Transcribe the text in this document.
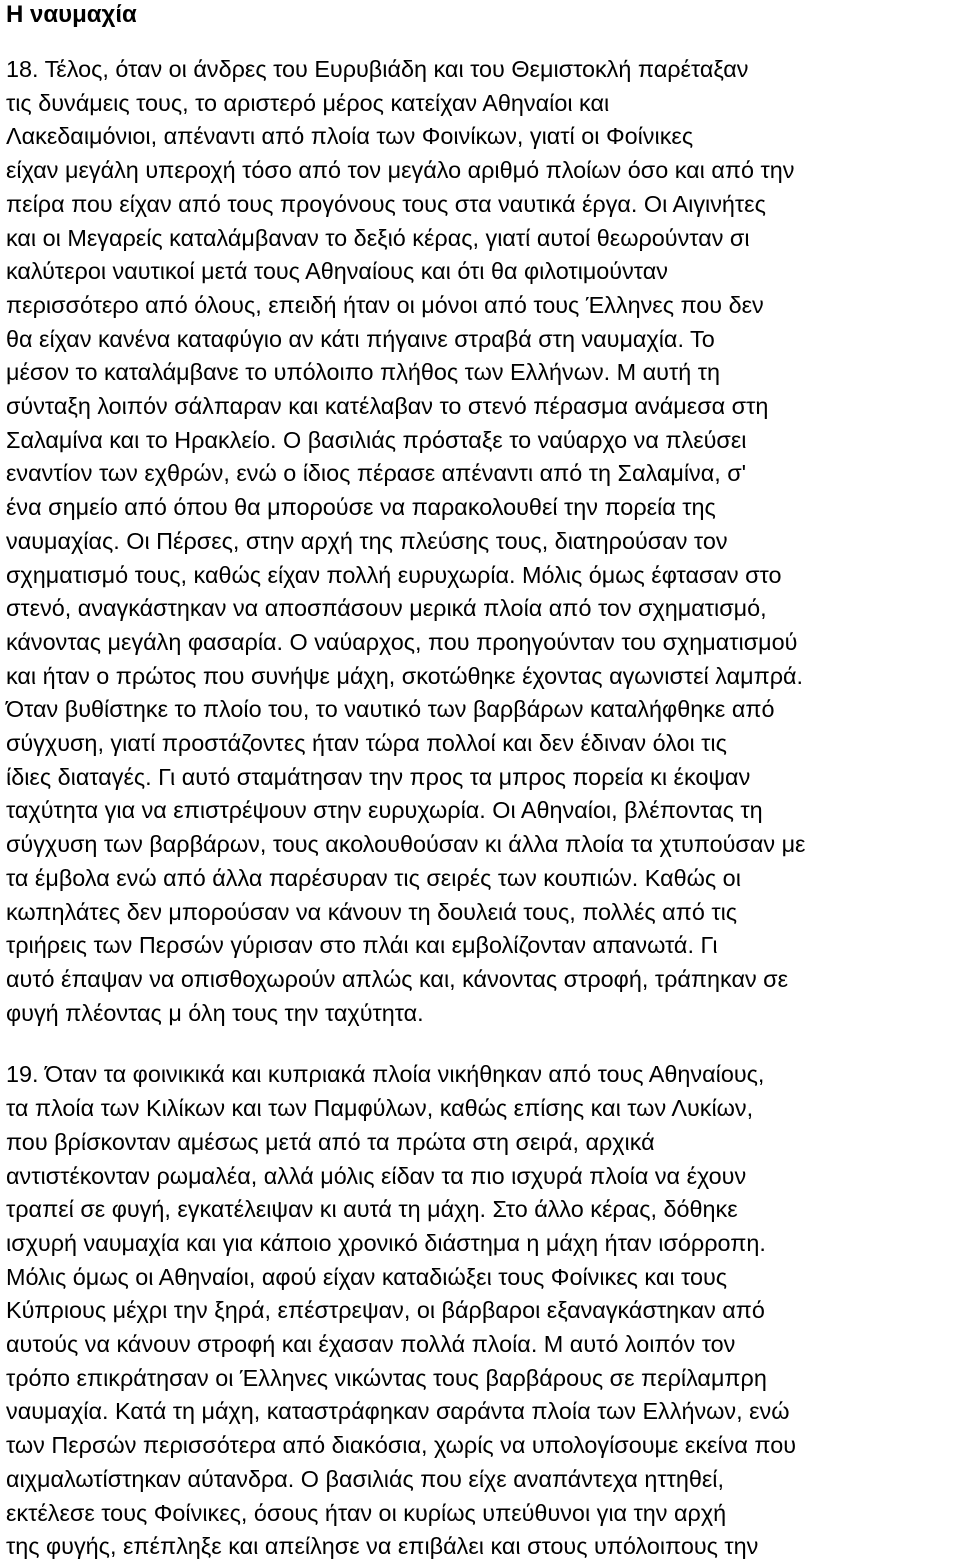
Η ναυμαχία

18. Τέλος, όταν οι άνδρες του Ευρυβιάδη και του Θεμιστοκλή παρέταξαν
τις δυνάμεις τους, το αριστερό μέρος κατείχαν Αθηναίοι και
Λακεδαιμόνιοι, απέναντι από πλοία των Φοινίκων, γιατί οι Φοίνικες
είχαν μεγάλη υπεροχή τόσο από τον μεγάλο αριθμό πλοίων όσο και από την
πείρα που είχαν από τους προγόνους τους στα ναυτικά έργα. Οι Αιγινήτες
και οι Μεγαρείς καταλάμβαναν το δεξιό κέρας, γιατί αυτοί θεωρούνταν σι
καλύτεροι ναυτικοί μετά τους Αθηναίους και ότι θα φιλοτιμούνταν
περισσότερο από όλους, επειδή ήταν οι μόνοι από τους Έλληνες που δεν
θα είχαν κανένα καταφύγιο αν κάτι πήγαινε στραβά στη ναυμαχία. Το
μέσον το καταλάμβανε το υπόλοιπο πλήθος των Ελλήνων. Μ αυτή τη
σύνταξη λοιπόν σάλπαραν και κατέλαβαν το στενό πέρασμα ανάμεσα στη
Σαλαμίνα και το Ηρακλείο. Ο βασιλιάς πρόσταξε το ναύαρχο να πλεύσει
εναντίον των εχθρών, ενώ ο ίδιος πέρασε απέναντι από τη Σαλαμίνα, σ'
ένα σημείο από όπου θα μπορούσε να παρακολουθεί την πορεία της
ναυμαχίας. Οι Πέρσες, στην αρχή της πλεύσης τους, διατηρούσαν τον
σχηματισμό τους, καθώς είχαν πολλή ευρυχωρία. Μόλις όμως έφτασαν στο
στενό, αναγκάστηκαν να αποσπάσουν μερικά πλοία από τον σχηματισμό,
κάνοντας μεγάλη φασαρία. Ο ναύαρχος, που προηγούνταν του σχηματισμού
και ήταν ο πρώτος που συνήψε μάχη, σκοτώθηκε έχοντας αγωνιστεί λαμπρά.
Όταν βυθίστηκε το πλοίο του, το ναυτικό των βαρβάρων καταλήφθηκε από
σύγχυση, γιατί προστάζοντες ήταν τώρα πολλοί και δεν έδιναν όλοι τις
ίδιες διαταγές. Γι αυτό σταμάτησαν την προς τα μπρος πορεία κι έκοψαν
ταχύτητα για να επιστρέψουν στην ευρυχωρία. Οι Αθηναίοι, βλέποντας τη
σύγχυση των βαρβάρων, τους ακολουθούσαν κι άλλα πλοία τα χτυπούσαν με
τα έμβολα ενώ από άλλα παρέσυραν τις σειρές των κουπιών. Καθώς οι
κωπηλάτες δεν μπορούσαν να κάνουν τη δουλειά τους, πολλές από τις
τριήρεις των Περσών γύρισαν στο πλάι και εμβολίζονταν απανωτά. Γι
αυτό έπαψαν να οπισθοχωρούν απλώς και, κάνοντας στροφή, τράπηκαν σε
φυγή πλέοντας μ όλη τους την ταχύτητα.

19. Όταν τα φοινικικά και κυπριακά πλοία νικήθηκαν από τους Αθηναίους,
τα πλοία των Κιλίκων και των Παμφύλων, καθώς επίσης και των Λυκίων,
που βρίσκονταν αμέσως μετά από τα πρώτα στη σειρά, αρχικά
αντιστέκονταν ρωμαλέα, αλλά μόλις είδαν τα πιο ισχυρά πλοία να έχουν
τραπεί σε φυγή, εγκατέλειψαν κι αυτά τη μάχη. Στο άλλο κέρας, δόθηκε
ισχυρή ναυμαχία και για κάποιο χρονικό διάστημα η μάχη ήταν ισόρροπη.
Μόλις όμως οι Αθηναίοι, αφού είχαν καταδιώξει τους Φοίνικες και τους
Κύπριους μέχρι την ξηρά, επέστρεψαν, οι βάρβαροι εξαναγκάστηκαν από
αυτούς να κάνουν στροφή και έχασαν πολλά πλοία. Μ αυτό λοιπόν τον
τρόπο επικράτησαν οι Έλληνες νικώντας τους βαρβάρους σε περίλαμπρη
ναυμαχία. Κατά τη μάχη, καταστράφηκαν σαράντα πλοία των Ελλήνων, ενώ
των Περσών περισσότερα από διακόσια, χωρίς να υπολογίσουμε εκείνα που
αιχμαλωτίστηκαν αύτανδρα. Ο βασιλιάς που είχε αναπάντεχα ηττηθεί,
εκτέλεσε τους Φοίνικες, όσους ήταν οι κυρίως υπεύθυνοι για την αρχή
της φυγής, επέπληξε και απείλησε να επιβάλει και στους υπόλοιπους την
